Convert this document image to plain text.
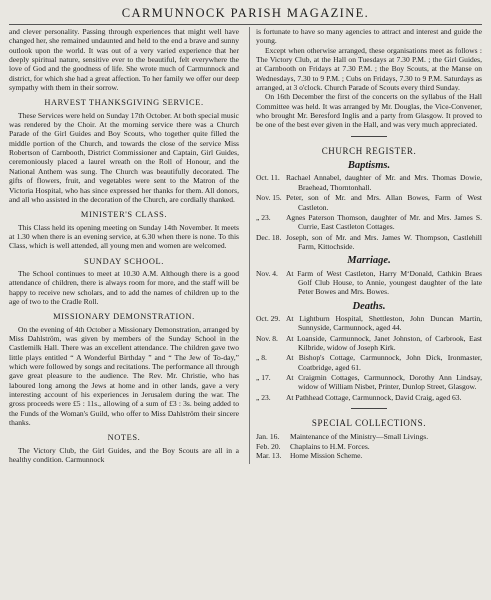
CARMUNNOCK PARISH MAGAZINE.

and clever personality. Passing through experiences that might well have changed her, she remained undaunted and held to the end a brave and sunny outlook upon the world. It was out of a very varied experience that her deeply spiritual nature, sensitive ever to the beautiful, felt everywhere the love of God and the goodness of life. She wrote much of Carmunnock and district, for which she had a great affection. To her family we offer our deep sympathy with them in their sorrow.

HARVEST THANKSGIVING SERVICE.

These Services were held on Sunday 17th October. At both special music was rendered by the Choir. At the morning service there was a Church Parade of the Girl Guides and Boy Scouts, who together quite filled the middle portion of the Church, and towards the close of the service Miss Robertson of Carnbooth, District Commissioner and Captain, Girl Guides, ceremoniously placed a laurel wreath on the Roll of Honour, and the National Anthem was sung. The Church was beautifully decorated. The gifts of flowers, fruit, and vegetables were sent to the Matron of the Victoria Hospital, who has since expressed her thanks for them. All donors, and all who assisted in the decoration of the Church, are cordially thanked.

MINISTER'S CLASS.

This Class held its opening meeting on Sunday 14th November. It meets at 1.30 when there is an evening service, at 6.30 when there is none. To this Class, which is well attended, all young men and women are welcomed.

SUNDAY SCHOOL.

The School continues to meet at 10.30 A.M. Although there is a good attendance of children, there is always room for more, and the staff will be happy to receive new scholars, and to add the names of children up to the age of two to the Cradle Roll.

MISSIONARY DEMONSTRATION.

On the evening of 4th October a Missionary Demonstration, arranged by Miss Dahlström, was given by members of the Sunday School in the Castlemilk Hall. There was an excellent attendance. The children gave two little plays entitled “ A Wonderful Birthday ” and “ The Jew of To-day,” which were followed by songs and recitations. The performance all through gave great pleasure to the audience. The Rev. Mr. Christie, who has laboured long among the Jews at home and in other lands, gave a very interesting account of his experiences in Jerusalem during the war. The gross proceeds were £5 : 11s., allowing of a sum of £3 : 3s. being added to the Funds of the Woman's Guild, who offer to Miss Dahlström their sincere thanks.

NOTES.

The Victory Club, the Girl Guides, and the Boy Scouts are all in a healthy condition. Carmunnock

is fortunate to have so many agencies to attract and interest and guide the young.

Except when otherwise arranged, these organisations meet as follows : The Victory Club, at the Hall on Tuesdays at 7.30 P.M. ; the Girl Guides, at Carnbooth on Fridays at 7.30 P.M. ; the Boy Scouts, at the Manse on Wednesdays, 7.30 to 9 P.M. ; Cubs on Fridays, 7.30 to 9 P.M. Saturdays as arranged, at 3 o'clock. Church Parade of Scouts every third Sunday.

On 16th December the first of the concerts on the syllabus of the Hall Committee was held. It was arranged by Mr. Douglas, the Vice-Convener, who brought Mr. Beresford Inglis and a party from Glasgow. It proved to be one of the best ever given in the Hall, and was very much appreciated.

CHURCH REGISTER.
Baptisms.
Oct. 11. Rachael Annabel, daughter of Mr. and Mrs. Thomas Dowie, Braehead, Thorntonhall.
Nov. 15. Peter, son of Mr. and Mrs. Allan Bowes, Farm of West Castleton.
„ 23.	Agnes Paterson Thomson, daughter of Mr. and Mrs. James S. Currie, East Castleton Cottages.
Dec. 18. Joseph, son of Mr. and Mrs. James W. Thompson, Castlehill Farm, Kittochside.
Marriage.
Nov. 4.	At Farm of West Castleton, Harry M‘Donald, Cathkin Braes Golf Club House, to Annie, youngest daughter of the late Peter Bowes and Mrs. Bowes.
Deaths.
Oct. 29. At Lightburn Hospital, Shettleston, John Duncan Martin, Sunnyside, Carmunnock, aged 44.
Nov. 8.	At Loanside, Carmunnock, Janet Johnston, of Carbrook, East Kilbride, widow of Joseph Kirk.
„ 8.	At Bishop's Cottage, Carmunnock, John Dick, Ironmaster, Coatbridge, aged 61.
„ 17.	At Craigmin Cottages, Carmunnock, Dorothy Ann Lindsay, widow of William Nisbet, Printer, Dunlop Street, Glasgow.
„ 23.	At Pathhead Cottage, Carmunnock, David Craig, aged 63.
SPECIAL COLLECTIONS.
Jan. 16.	Maintenance of the Ministry—Small Livings.
Feb. 20.	Chaplains to H.M. Forces.
Mar. 13.	Home Mission Scheme.
